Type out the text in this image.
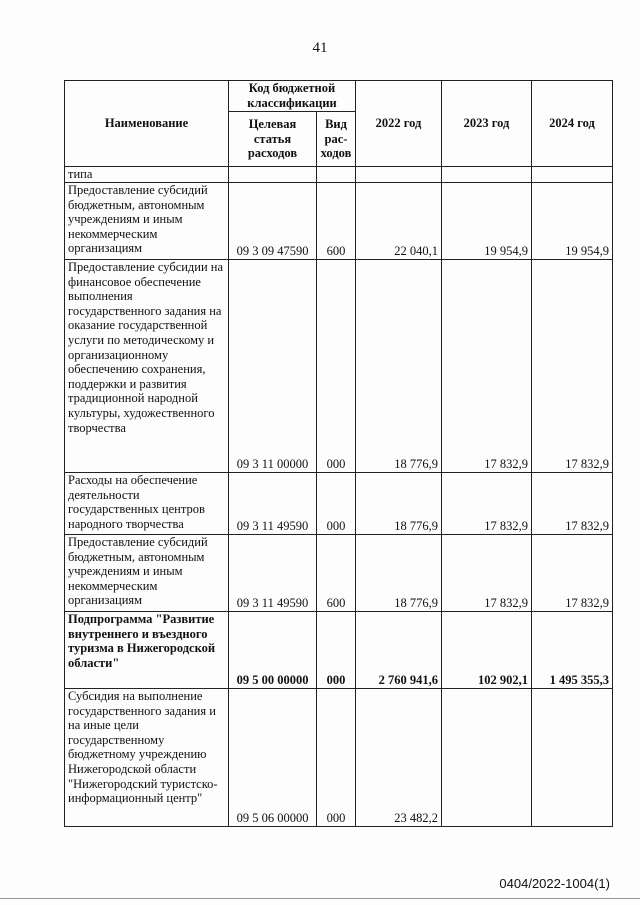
41
Наименование	Код бюджетной классификации		2022 год	2023 год	2024 год
	Целевая статья расходов	Вид рас- ходов			
типа					
Предоставление субсидий бюджетным, автономным учреждениям и иным некоммерческим организациям	09 3 09 47590	600	22 040,1	19 954,9	19 954,9
Предоставление субсидии на финансовое обеспечение выполнения государственного задания на оказание государственной услуги по методическому и организационному обеспечению сохранения, поддержки и развития традиционной народной культуры, художественного творчества	09 3 11 00000	000	18 776,9	17 832,9	17 832,9
Расходы на обеспечение деятельности государственных центров народного творчества	09 3 11 49590	000	18 776,9	17 832,9	17 832,9
Предоставление субсидий бюджетным, автономным учреждениям и иным некоммерческим организациям	09 3 11 49590	600	18 776,9	17 832,9	17 832,9
Подпрограмма "Развитие внутреннего и въездного туризма в Нижегородской области"	09 5 00 00000	000	2 760 941,6	102 902,1	1 495 355,3
Субсидия на выполнение государственного задания и на иные цели государственному бюджетному учреждению Нижегородской области "Нижегородский туристско-информационный центр"	09 5 06 00000	000	23 482,2		
0404/2022-1004(1)
